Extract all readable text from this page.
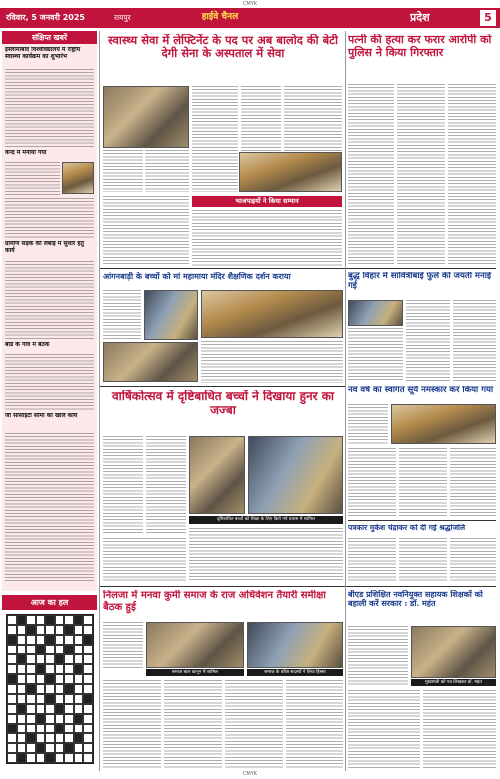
CMYK
रविवार, 5 जनवरी 2025	रायपुर	हाईवे चैनल	प्रदेश	5
संक्षिप्त खबरें
इस्लामाबाद विश्वविद्यालय में राष्ट्रीय स्वास्थ्य कार्यक्रम का शुभारंभ
केन्द्र में मनाया गया
ग्रामीण सड़क की लंबाई में सुधार हेतु कार्य
बोर्ड के गांव में बैठक
जो सोसाइटी सीमा को खोले कार्य
आज का हल
स्वास्थ्य सेवा में लेफ्टिनेंट के पद पर अब बालोद की बेटी देगी सेना के अस्पताल में सेवा
भाजपाइयों ने किया सम्मान
पत्नी की हत्या कर फरार आरोपी को पुलिस ने किया गिरफ्तार
आंगनबाड़ी के बच्चों को मां महामाया मंदिर शैक्षणिक दर्शन कराया	बुद्ध विहार में सावित्रीबाई फुले की जयंती मनाई गई
वार्षिकोत्सव में दृष्टिबाधित बच्चों ने दिखाया हुनर का जज्बा
दृष्टिबाधित बच्चों को शिक्षा के लिए किये गये प्रयास में शामिल
नव वर्ष का स्वागत सूर्य नमस्कार कर किया गया
पत्रकार मुकेश चंद्राकर को दी गई श्रद्धांजलि
निलजा में मनवा कुर्मी समाज के राज अधिवेशन तैयारी समीक्षा बैठक हुई
समाज बाल कानून में शामिल	समाज के वरिष्ठ सदस्यों ने लिया हिस्सा
बीएड प्रशिक्षित नवनियुक्त सहायक शिक्षकों को बहाली करें सरकार : डॉ. महंत
मुख्यमंत्री को पत्र लिखकर डॉ. महंत
CMYK
